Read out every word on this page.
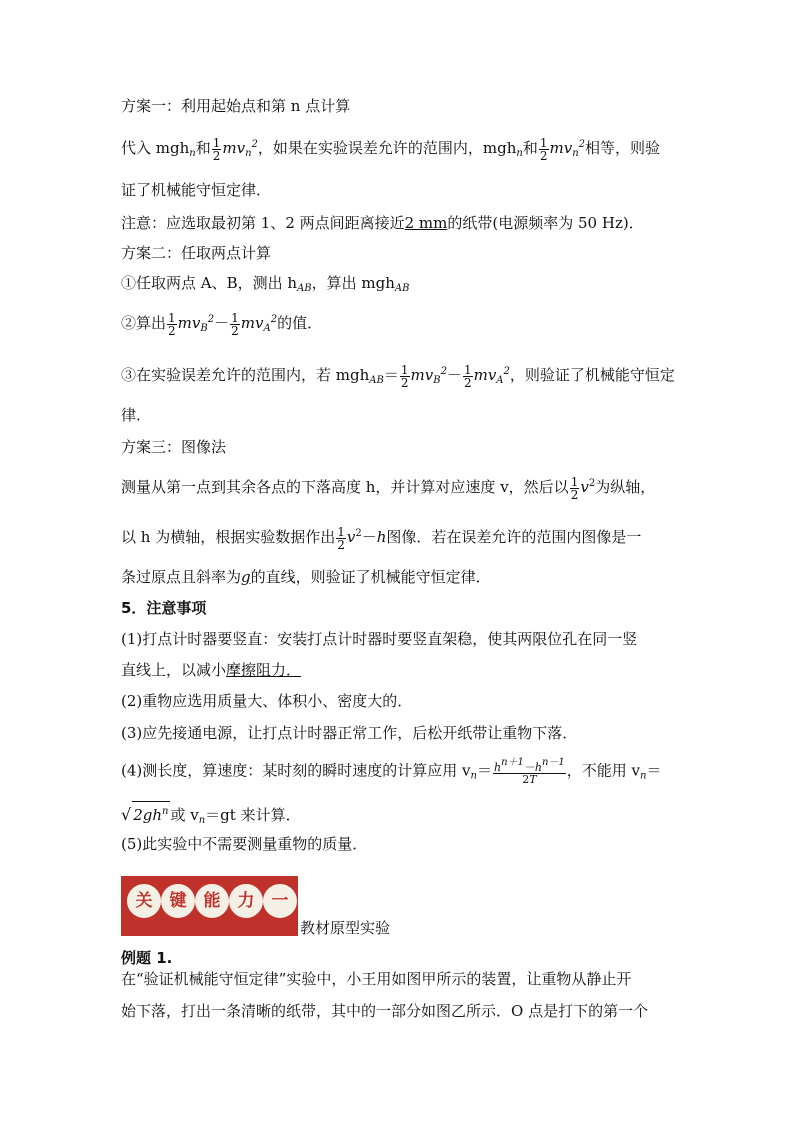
方案一：利用起始点和第 n 点计算
代入 mgh$_n$和 $\frac{1}{2} mv_n^2$，如果在实验误差允许的范围内，mgh$_n$和 $\frac{1}{2} mv_n^2$相等，则验
证了机械能守恒定律．
注意：应选取最初第 1、2 两点间距离接近2 mm的纸带(电源频率为 50 Hz)．
方案二：任取两点计算
①任取两点 A、B，测出 $h_{AB}$，算出 mgh$_{AB}$
②算出 $\frac{1}{2} mv_B^2- \frac{1}{2} mv_A^2$的值．
③在实验误差允许的范围内，若 $mgh_{AB}= \frac{1}{2} mv_B^2- \frac{1}{2} mv_A^2$，则验证了机械能守恒定
律．
方案三：图像法
测量从第一点到其余各点的下落高度 h，并计算对应速度 v，然后以 $\frac{1}{2} v^2$为纵轴，
以 h 为横轴，根据实验数据作出 $\frac{1}{2} v^2-h$图像．若在误差允许的范围内图像是一
条过原点且斜率为g的直线，则验证了机械能守恒定律．
5．注意事项
(1)打点计时器要竖直：安装打点计时器时要竖直架稳，使其两限位孔在同一竖
直线上，以减小摩擦阻力．
(2)重物应选用质量大、体积小、密度大的．
(3)应先接通电源，让打点计时器正常工作，后松开纸带让重物下落．
(4)测长度，算速度：某时刻的瞬时速度的计算应用 $v_n= \frac{hn+1-hn-1}{2T}$ ，不能用 $v_n=$
√ $2gh^n$ 或 $v_n=gt$ 来计算．
(5)此实验中不需要测量重物的质量．
关	键	能	力	一
教材原型实验
例题 1.
在“验证机械能守恒定律”实验中，小王用如图甲所示的装置，让重物从静止开
始下落，打出一条清晰的纸带，其中的一部分如图乙所示．O 点是打下的第一个
